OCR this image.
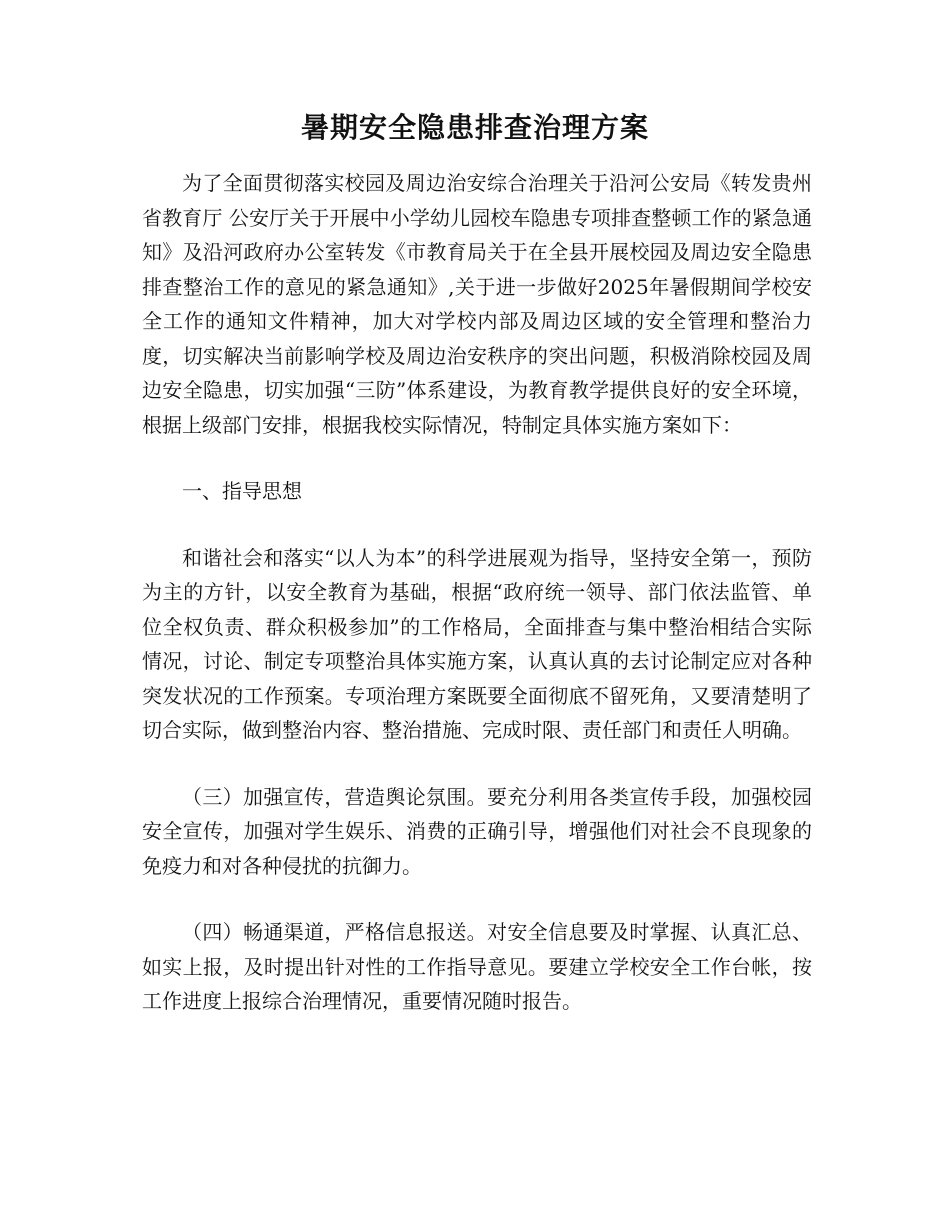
暑期安全隐患排查治理方案

为了全面贯彻落实校园及周边治安综合治理关于沿河公安局《转发贵州省教育厅 公安厅关于开展中小学幼儿园校车隐患专项排查整顿工作的紧急通知》及沿河政府办公室转发《市教育局关于在全县开展校园及周边安全隐患排查整治工作的意见的紧急通知》,关于进一步做好2025年暑假期间学校安全工作的通知文件精神，加大对学校内部及周边区域的安全管理和整治力度，切实解决当前影响学校及周边治安秩序的突出问题，积极消除校园及周边安全隐患，切实加强“三防”体系建设，为教育教学提供良好的安全环境，根据上级部门安排，根据我校实际情况，特制定具体实施方案如下：

一、指导思想

和谐社会和落实“以人为本”的科学进展观为指导，坚持安全第一，预防为主的方针，以安全教育为基础，根据“政府统一领导、部门依法监管、单位全权负责、群众积极参加”的工作格局，全面排查与集中整治相结合实际情况，讨论、制定专项整治具体实施方案，认真认真的去讨论制定应对各种突发状况的工作预案。专项治理方案既要全面彻底不留死角，又要清楚明了切合实际，做到整治内容、整治措施、完成时限、责任部门和责任人明确。

（三）加强宣传，营造舆论氛围。要充分利用各类宣传手段，加强校园安全宣传，加强对学生娱乐、消费的正确引导，增强他们对社会不良现象的免疫力和对各种侵扰的抗御力。

（四）畅通渠道，严格信息报送。对安全信息要及时掌握、认真汇总、如实上报，及时提出针对性的工作指导意见。要建立学校安全工作台帐，按工作进度上报综合治理情况，重要情况随时报告。
